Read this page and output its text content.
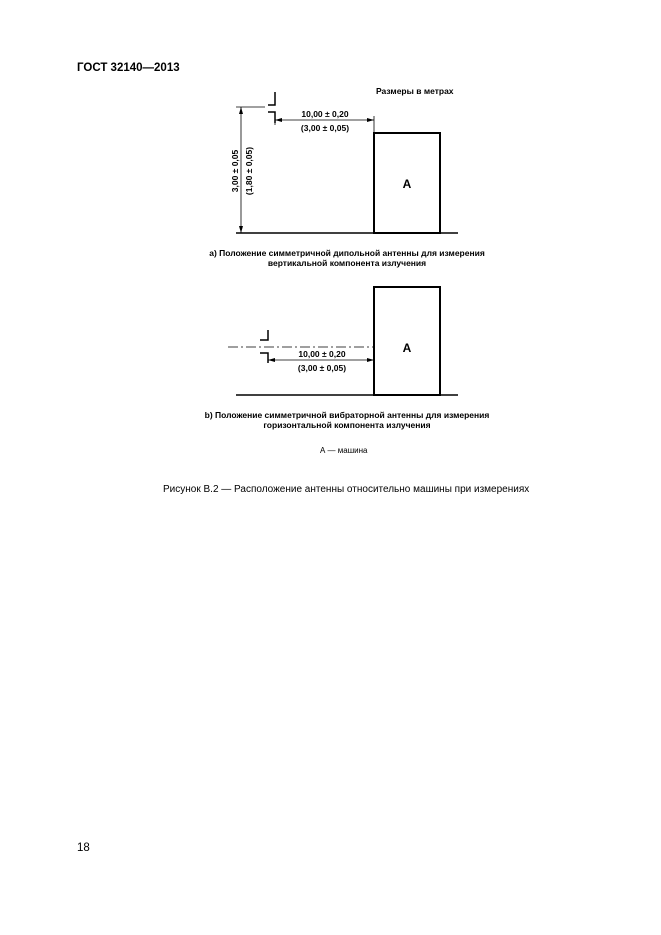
ГОСТ 32140—2013
Размеры в метрах
A
A
10,00 ± 0,20
(3,00 ± 0,05)
3,00 ± 0,05 (1,80 ± 0,05)
10,00 ± 0,20
(3,00 ± 0,05)
а) Положение симметричной дипольной антенны для измерения
вертикальной компонента излучения
b) Положение симметричной вибраторной антенны для измерения
горизонтальной компонента излучения
А — машина
Рисунок В.2 — Расположение антенны относительно машины при измерениях
18
